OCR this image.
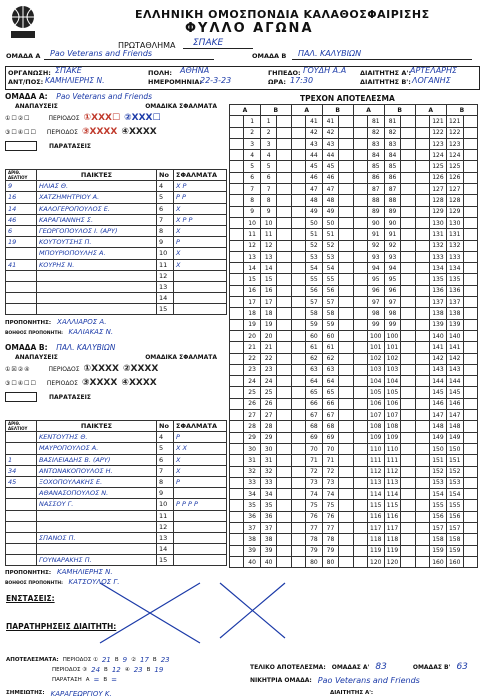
ΕΛΛΗΝΙΚΗ ΟΜΟΣΠΟΝΔΙΑ ΚΑΛΑΘΟΣΦΑΙΡΙΣΗΣ
ΦΥΛΛΟ ΑΓΩΝΑ
ΠΡΩΤΑΘΛΗΜΑ ΣΠΑΚΕ
ΟΜΑΔΑ Α Pao Veterans and Friends	ΟΜΑΔΑ Β ΠΑΛ. ΚΑΛΥΒΙΩΝ
ΟΡΓΑΝΩΣΗ: ΣΠΑΚΕ	ΠΟΛΗ: ΑΘΗΝΑ	ΓΗΠΕΔΟ: ΓΟΥΔΗ Α.Α ΔΙΑΙΤΗΤΗΣ Α': ΑΡΤΕΛΑΡΗΣ
ΑΝΤ/ΠΟΣ: ΚΑΜΗΛΙΕΡΗΣ Ν.	ΗΜΕΡΟΜΗΝΙΑ:
22-3-23	ΩΡΑ: 17:30	ΔΙΑΙΤΗΤΗΣ Β': ΛΟΓΑΝΗΣ
ΟΜΑΔΑ Α: Pao Veterans and Friends
ΑΝΑΠΑΥΣΕΙΣ	ΟΜΑΔΙΚΑ ΣΦΑΛΜΑΤΑ
①☐②☐	ΠΕΡΙΟΔΟΣ ①XXX☐ ②XXX☐
③☐④☐☐ ΠΕΡΙΟΔΟΣ ③XXXX ④XXXX
ΠΑΡΑΤΑΣΕΙΣ
ΑΡΙΘ. ΔΕΛΤΙΟΥ	ΠΑΙΚΤΕΣ	Νο	ΣΦΑΛΜΑΤΑ
9	ΗΛΙΑΣ Θ.	4	X P
16	ΧΑΤΖΗΜΗΤΡΙΟΥ Α.	5	P P
14	ΚΑΛΟΓΕΡΟΠΟΥΛΟΣ Ε.	6	X
46	ΚΑΡΑΓΙΑΝΝΗΣ Σ.	7	X P P
6	ΓΕΩΡΓΟΠΟΥΛΟΣ Ι. (ΑΡΥ)	8	X
19	ΚΟΥΤΟΥΤΣΗΣ Π.	9	P
	ΜΠΟΥΡΙΟΠΟΥΛΗΣ Α.	10	X
41	ΚΟΥΡΗΣ Ν.	11	X
		12	
		13	
		14	
		15	
ΠΡΟΠΟΝΗΤΗΣ: ΧΑΛΛΙΑΡΟΣ Α.
ΒΟΗΘΟΣ ΠΡΟΠΟΝΗΤΗ: ΚΑΛΙΑΚΑΣ Ν.
ΟΜΑΔΑ Β: ΠΑΛ. ΚΑΛΥΒΙΩΝ
ΑΝΑΠΑΥΣΕΙΣ	ΟΜΑΔΙΚΑ ΣΦΑΛΜΑΤΑ
①☒②④	ΠΕΡΙΟΔΟΣ ①XXXX ②XXXX
③☐④☐☐ ΠΕΡΙΟΔΟΣ ③XXXX ④XXXX
ΠΑΡΑΤΑΣΕΙΣ
ΑΡΙΘ. ΔΕΛΤΙΟΥ	ΠΑΙΚΤΕΣ	Νο	ΣΦΑΛΜΑΤΑ
	ΚΕΝΤΟΥΤΗΣ Θ.	4	P
	ΜΑΥΡΟΠΟΥΛΟΣ Α.	5	X X
1	ΒΑΣΙΛΕΙΑΔΗΣ Β. (ΑΡΥ)	6	X
34	ΑΝΤΩΝΑΚΟΠΟΥΛΟΣ Η.	7	X
45	ΞΟΧΟΠΟΥΛΑΚΗΣ Ε.	8	P
	ΑΘΑΝΑΣΟΠΟΥΛΟΣ Ν.	9	
	ΝΑΣΣΟΥ Γ.	10	P P P P
		11	
		12	
	ΣΠΑΝΟΣ Π.	13	
		14	
	ΓΟΥΝΑΡΑΚΗΣ Π.	15	
ΠΡΟΠΟΝΗΤΗΣ: ΚΑΜΗΛΙΕΡΗΣ Ν.
ΒΟΗΘΟΣ ΠΡΟΠΟΝΗΤΗ: ΚΑΤΣΟΥΛΟΣ Γ.
ΤΡΕΧΟΝ ΑΠΟΤΕΛΕΣΜΑ
A		B		A		B		A		B		A		B	
	1	1			41	41			81	81			121	121	
	2	2			42	42			82	82			122	122	
	3	3			43	43			83	83			123	123	
	4	4			44	44			84	84			124	124	
	5	5			45	45			85	85			125	125	
	6	6			46	46			86	86			126	126	
	7	7			47	47			87	87			127	127	
	8	8			48	48			88	88			128	128	
	9	9			49	49			89	89			129	129	
	10	10			50	50			90	90			130	130	
	11	11			51	51			91	91			131	131	
	12	12			52	52			92	92			132	132	
	13	13			53	53			93	93			133	133	
	14	14			54	54			94	94			134	134	
	15	15			55	55			95	95			135	135	
	16	16			56	56			96	96			136	136	
	17	17			57	57			97	97			137	137	
	18	18			58	58			98	98			138	138	
	19	19			59	59			99	99			139	139	
	20	20			60	60			100	100			140	140	
	21	21			61	61			101	101			141	141	
	22	22			62	62			102	102			142	142	
	23	23			63	63			103	103			143	143	
	24	24			64	64			104	104			144	144	
	25	25			65	65			105	105			145	145	
	26	26			66	66			106	106			146	146	
	27	27			67	67			107	107			147	147	
	28	28			68	68			108	108			148	148	
	29	29			69	69			109	109			149	149	
	30	30			70	70			110	110			150	150	
	31	31			71	71			111	111			151	151	
	32	32			72	72			112	112			152	152	
	33	33			73	73			113	113			153	153	
	34	34			74	74			114	114			154	154	
	35	35			75	75			115	115			155	155	
	36	36			76	76			116	116			156	156	
	37	37			77	77			117	117			157	157	
	38	38			78	78			118	118			158	158	
	39	39			79	79			119	119			159	159	
	40	40			80	80			120	120			160	160	
ΕΝΣΤΑΣΕΙΣ:
ΠΑΡΑΤΗΡΗΣΕΙΣ ΔΙΑΙΤΗΤΗ:
ΑΠΟΤΕΛΕΣΜΑΤΑ: ΠΕΡΙΟΔΟΣ ① 21 B 9 ② 17 B 23
ΠΕΡΙΟΔΟΣ ③ 24 B 12 ④ 23 B 19
ΠΑΡΑΤΑΣΗ A = B =
ΤΕΛΙΚΟ ΑΠΟΤΕΛΕΣΜΑ: ΟΜΑΔΑΣ Α' 83	ΟΜΑΔΑΣ Β' 63
ΝΙΚΗΤΡΙΑ ΟΜΑΔΑ: Pao Veterans and Friends
ΣΗΜΕΙΩΤΗΣ: ΚΑΡΑΓΕΩΡΓΙΟΥ Κ.	ΔΙΑΙΤΗΤΗΣ Α':
